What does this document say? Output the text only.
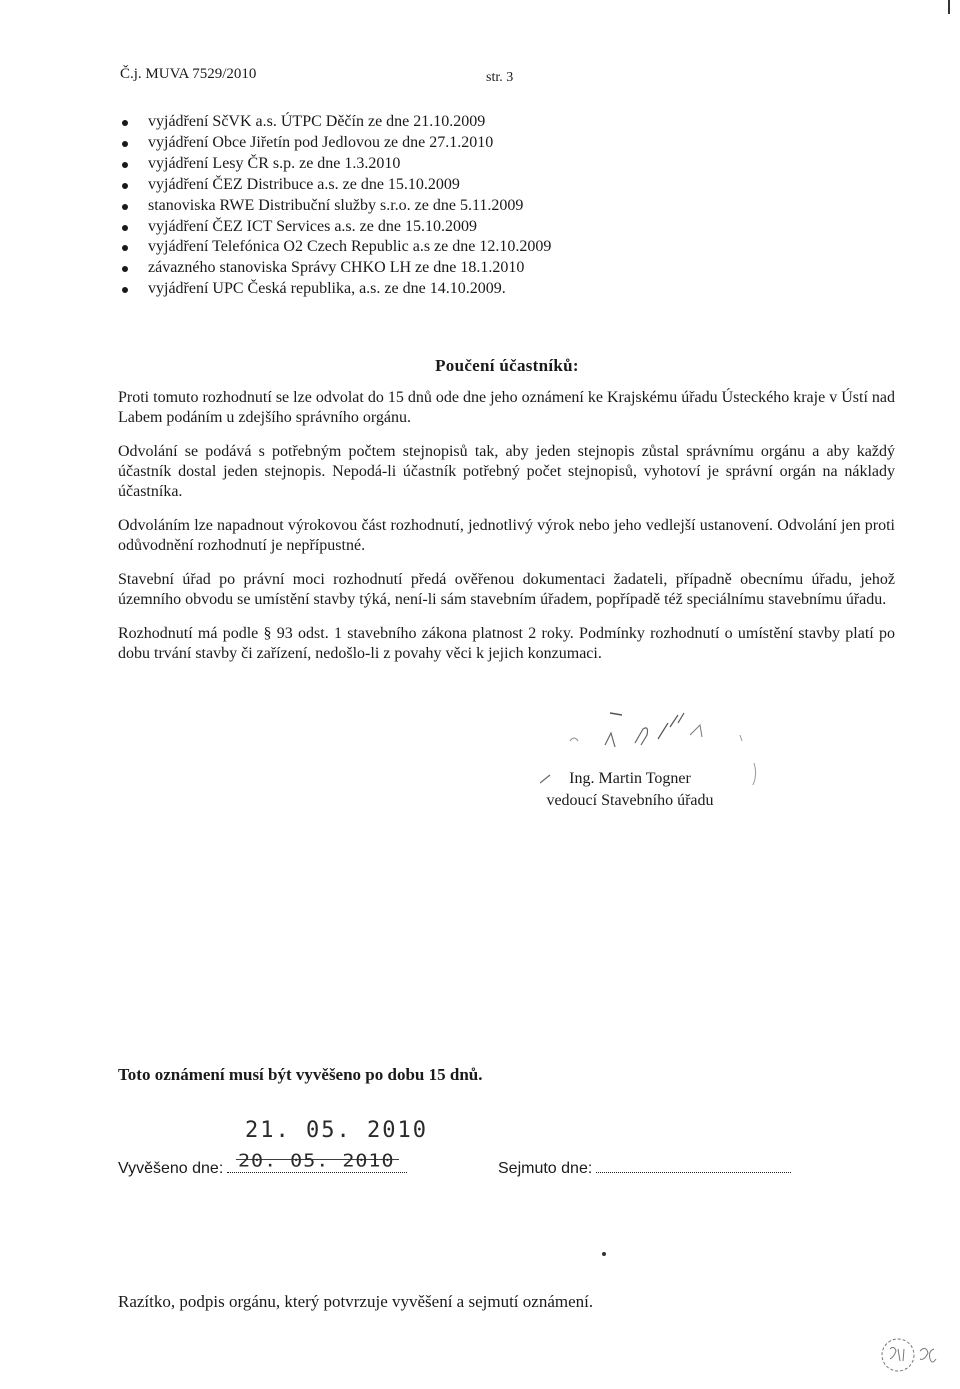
Č.j. MUVA 7529/2010	str. 3
vyjádření SčVK a.s. ÚTPC Děčín ze dne 21.10.2009
vyjádření Obce Jiřetín pod Jedlovou ze dne 27.1.2010
vyjádření Lesy ČR s.p. ze dne 1.3.2010
vyjádření ČEZ Distribuce a.s. ze dne 15.10.2009
stanoviska RWE Distribuční služby s.r.o. ze dne 5.11.2009
vyjádření ČEZ ICT Services a.s. ze dne 15.10.2009
vyjádření Telefónica O2 Czech Republic a.s ze dne 12.10.2009
závazného stanoviska Správy CHKO LH ze dne 18.1.2010
vyjádření UPC Česká republika, a.s. ze dne 14.10.2009.
Poučení účastníků:

Proti tomuto rozhodnutí se lze odvolat do 15 dnů ode dne jeho oznámení ke Krajskému úřadu Ústeckého kraje v Ústí nad Labem podáním u zdejšího správního orgánu.

Odvolání se podává s potřebným počtem stejnopisů tak, aby jeden stejnopis zůstal správnímu orgánu a aby každý účastník dostal jeden stejnopis. Nepodá-li účastník potřebný počet stejnopisů, vyhotoví je správní orgán na náklady účastníka.

Odvoláním lze napadnout výrokovou část rozhodnutí, jednotlivý výrok nebo jeho vedlejší ustanovení. Odvolání jen proti odůvodnění rozhodnutí je nepřípustné.

Stavební úřad po právní moci rozhodnutí předá ověřenou dokumentaci žadateli, případně obecnímu úřadu, jehož územního obvodu se umístění stavby týká, není-li sám stavebním úřadem, popřípadě též speciálnímu stavebnímu úřadu.

Rozhodnutí má podle § 93 odst. 1 stavebního zákona platnost 2 roky. Podmínky rozhodnutí o umístění stavby platí po dobu trvání stavby či zařízení, nedošlo-li z povahy věci k jejich konzumaci.

Ing. Martin Togner
vedoucí Stavebního úřadu
Toto oznámení musí být vyvěšeno po dobu 15 dnů.
21. 05. 2010
20. 05. 2010
Vyvěšeno dne:	Sejmuto dne:
Razítko, podpis orgánu, který potvrzuje vyvěšení a sejmutí oznámení.
